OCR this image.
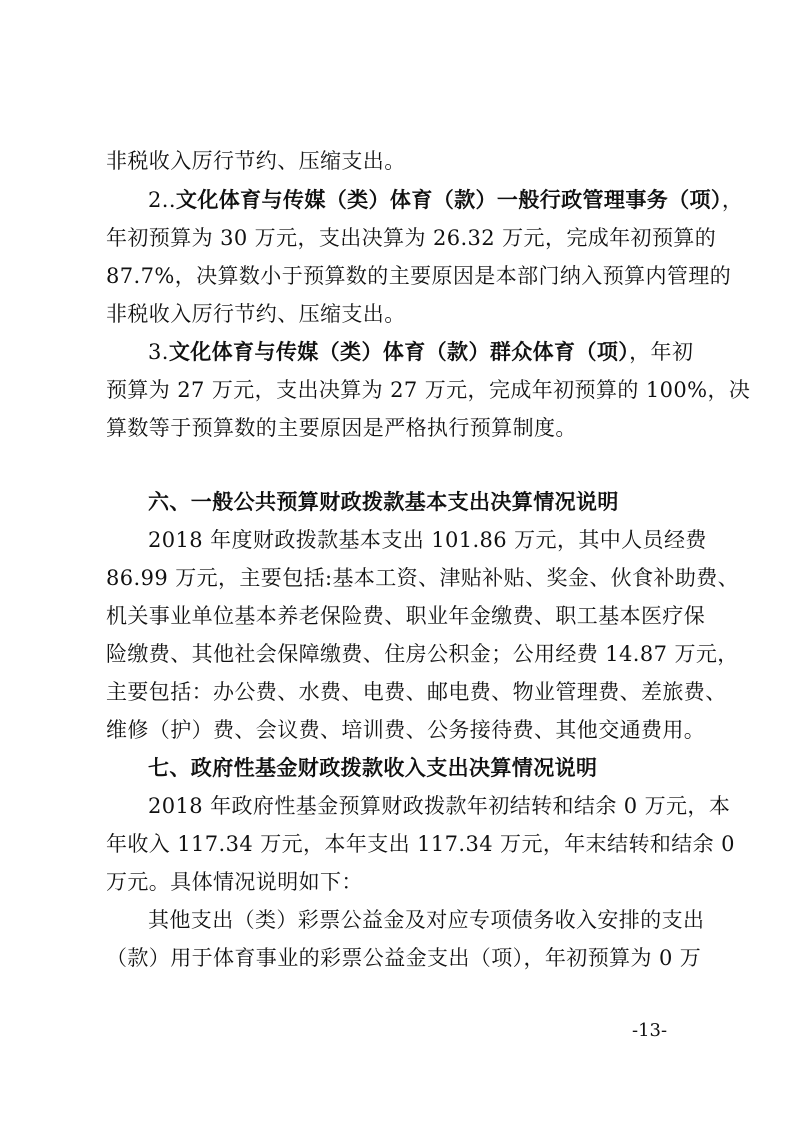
非税收入厉行节约、压缩支出。
2..文化体育与传媒（类）体育（款）一般行政管理事务（项），
年初预算为 30 万元，支出决算为 26.32 万元，完成年初预算的
87.7%，决算数小于预算数的主要原因是本部门纳入预算内管理的
非税收入厉行节约、压缩支出。
3.文化体育与传媒（类）体育（款）群众体育（项），年初
预算为 27 万元，支出决算为 27 万元，完成年初预算的 100%，决
算数等于预算数的主要原因是严格执行预算制度。
六、一般公共预算财政拨款基本支出决算情况说明
2018 年度财政拨款基本支出 101.86 万元，其中人员经费
86.99 万元，主要包括:基本工资、津贴补贴、奖金、伙食补助费、
机关事业单位基本养老保险费、职业年金缴费、职工基本医疗保
险缴费、其他社会保障缴费、住房公积金；公用经费 14.87 万元，
主要包括：办公费、水费、电费、邮电费、物业管理费、差旅费、
维修（护）费、会议费、培训费、公务接待费、其他交通费用。
七、政府性基金财政拨款收入支出决算情况说明
2018 年政府性基金预算财政拨款年初结转和结余 0 万元，本
年收入 117.34 万元，本年支出 117.34 万元，年末结转和结余 0
万元。具体情况说明如下：
其他支出（类）彩票公益金及对应专项债务收入安排的支出
（款）用于体育事业的彩票公益金支出（项），年初预算为 0 万
-13-
